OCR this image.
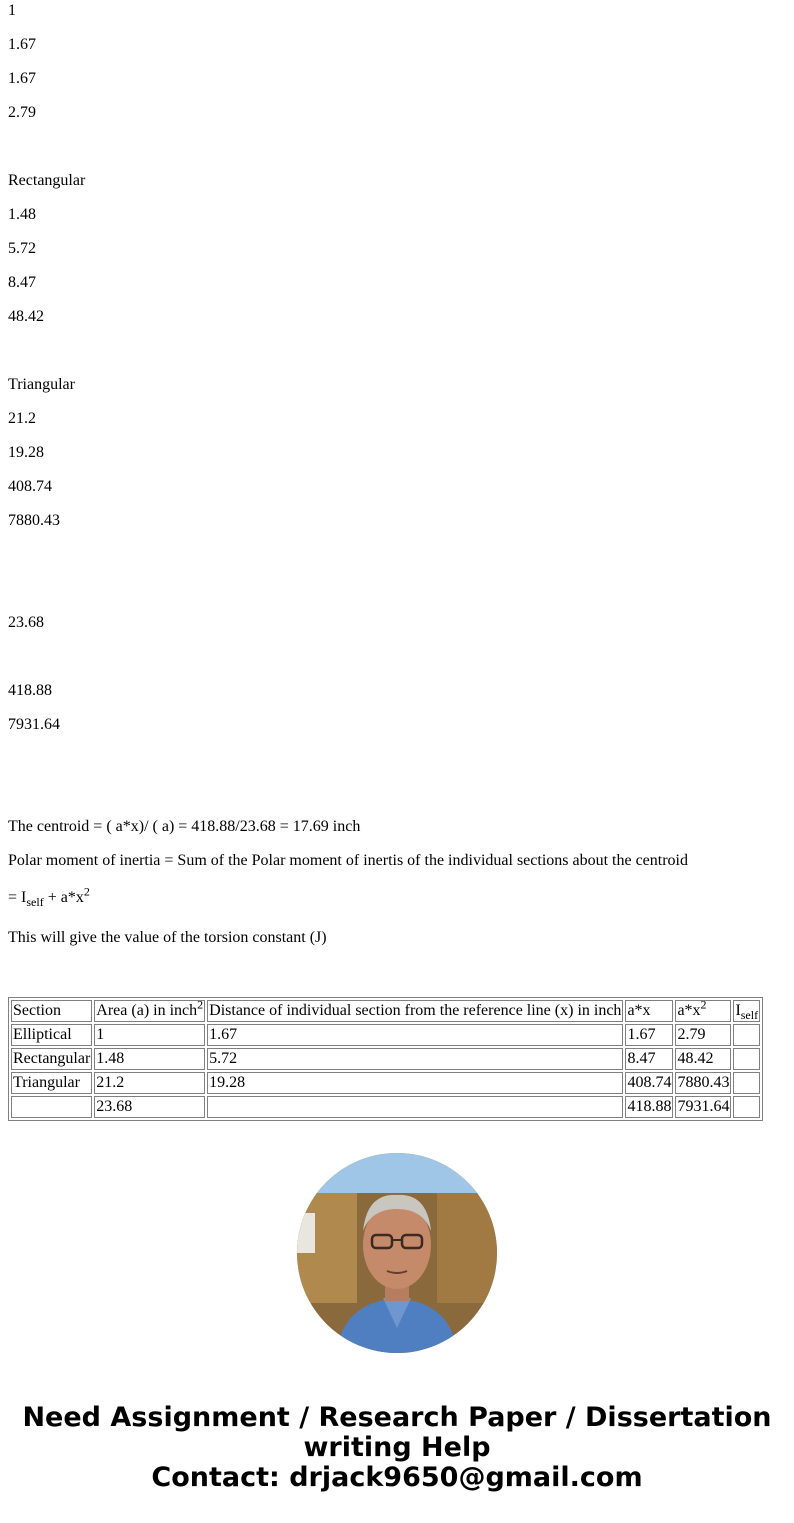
1

1.67

1.67

2.79

Rectangular

1.48

5.72

8.47

48.42

Triangular

21.2

19.28

408.74

7880.43

23.68

418.88

7931.64

The centroid = ( a*x)/ ( a) = 418.88/23.68 = 17.69 inch

Polar moment of inertia = Sum of the Polar moment of inertis of the individual sections about the centroid

= $I_{self} + a*x^2$

This will give the value of the torsion constant (J)

Section	Area (a) in inch$^2$	Distance of individual section from the reference line (x) in inch	a*x	$a*x^2$	$I_{self}$
Elliptical	1	1.67	1.67	2.79	
Rectangular	1.48	5.72	8.47	48.42	
Triangular	21.2	19.28	408.74	7880.43	
	23.68		418.88	7931.64	
Need Assignment / Research Paper / Dissertation
writing Help
Contact: drjack9650@gmail.com
